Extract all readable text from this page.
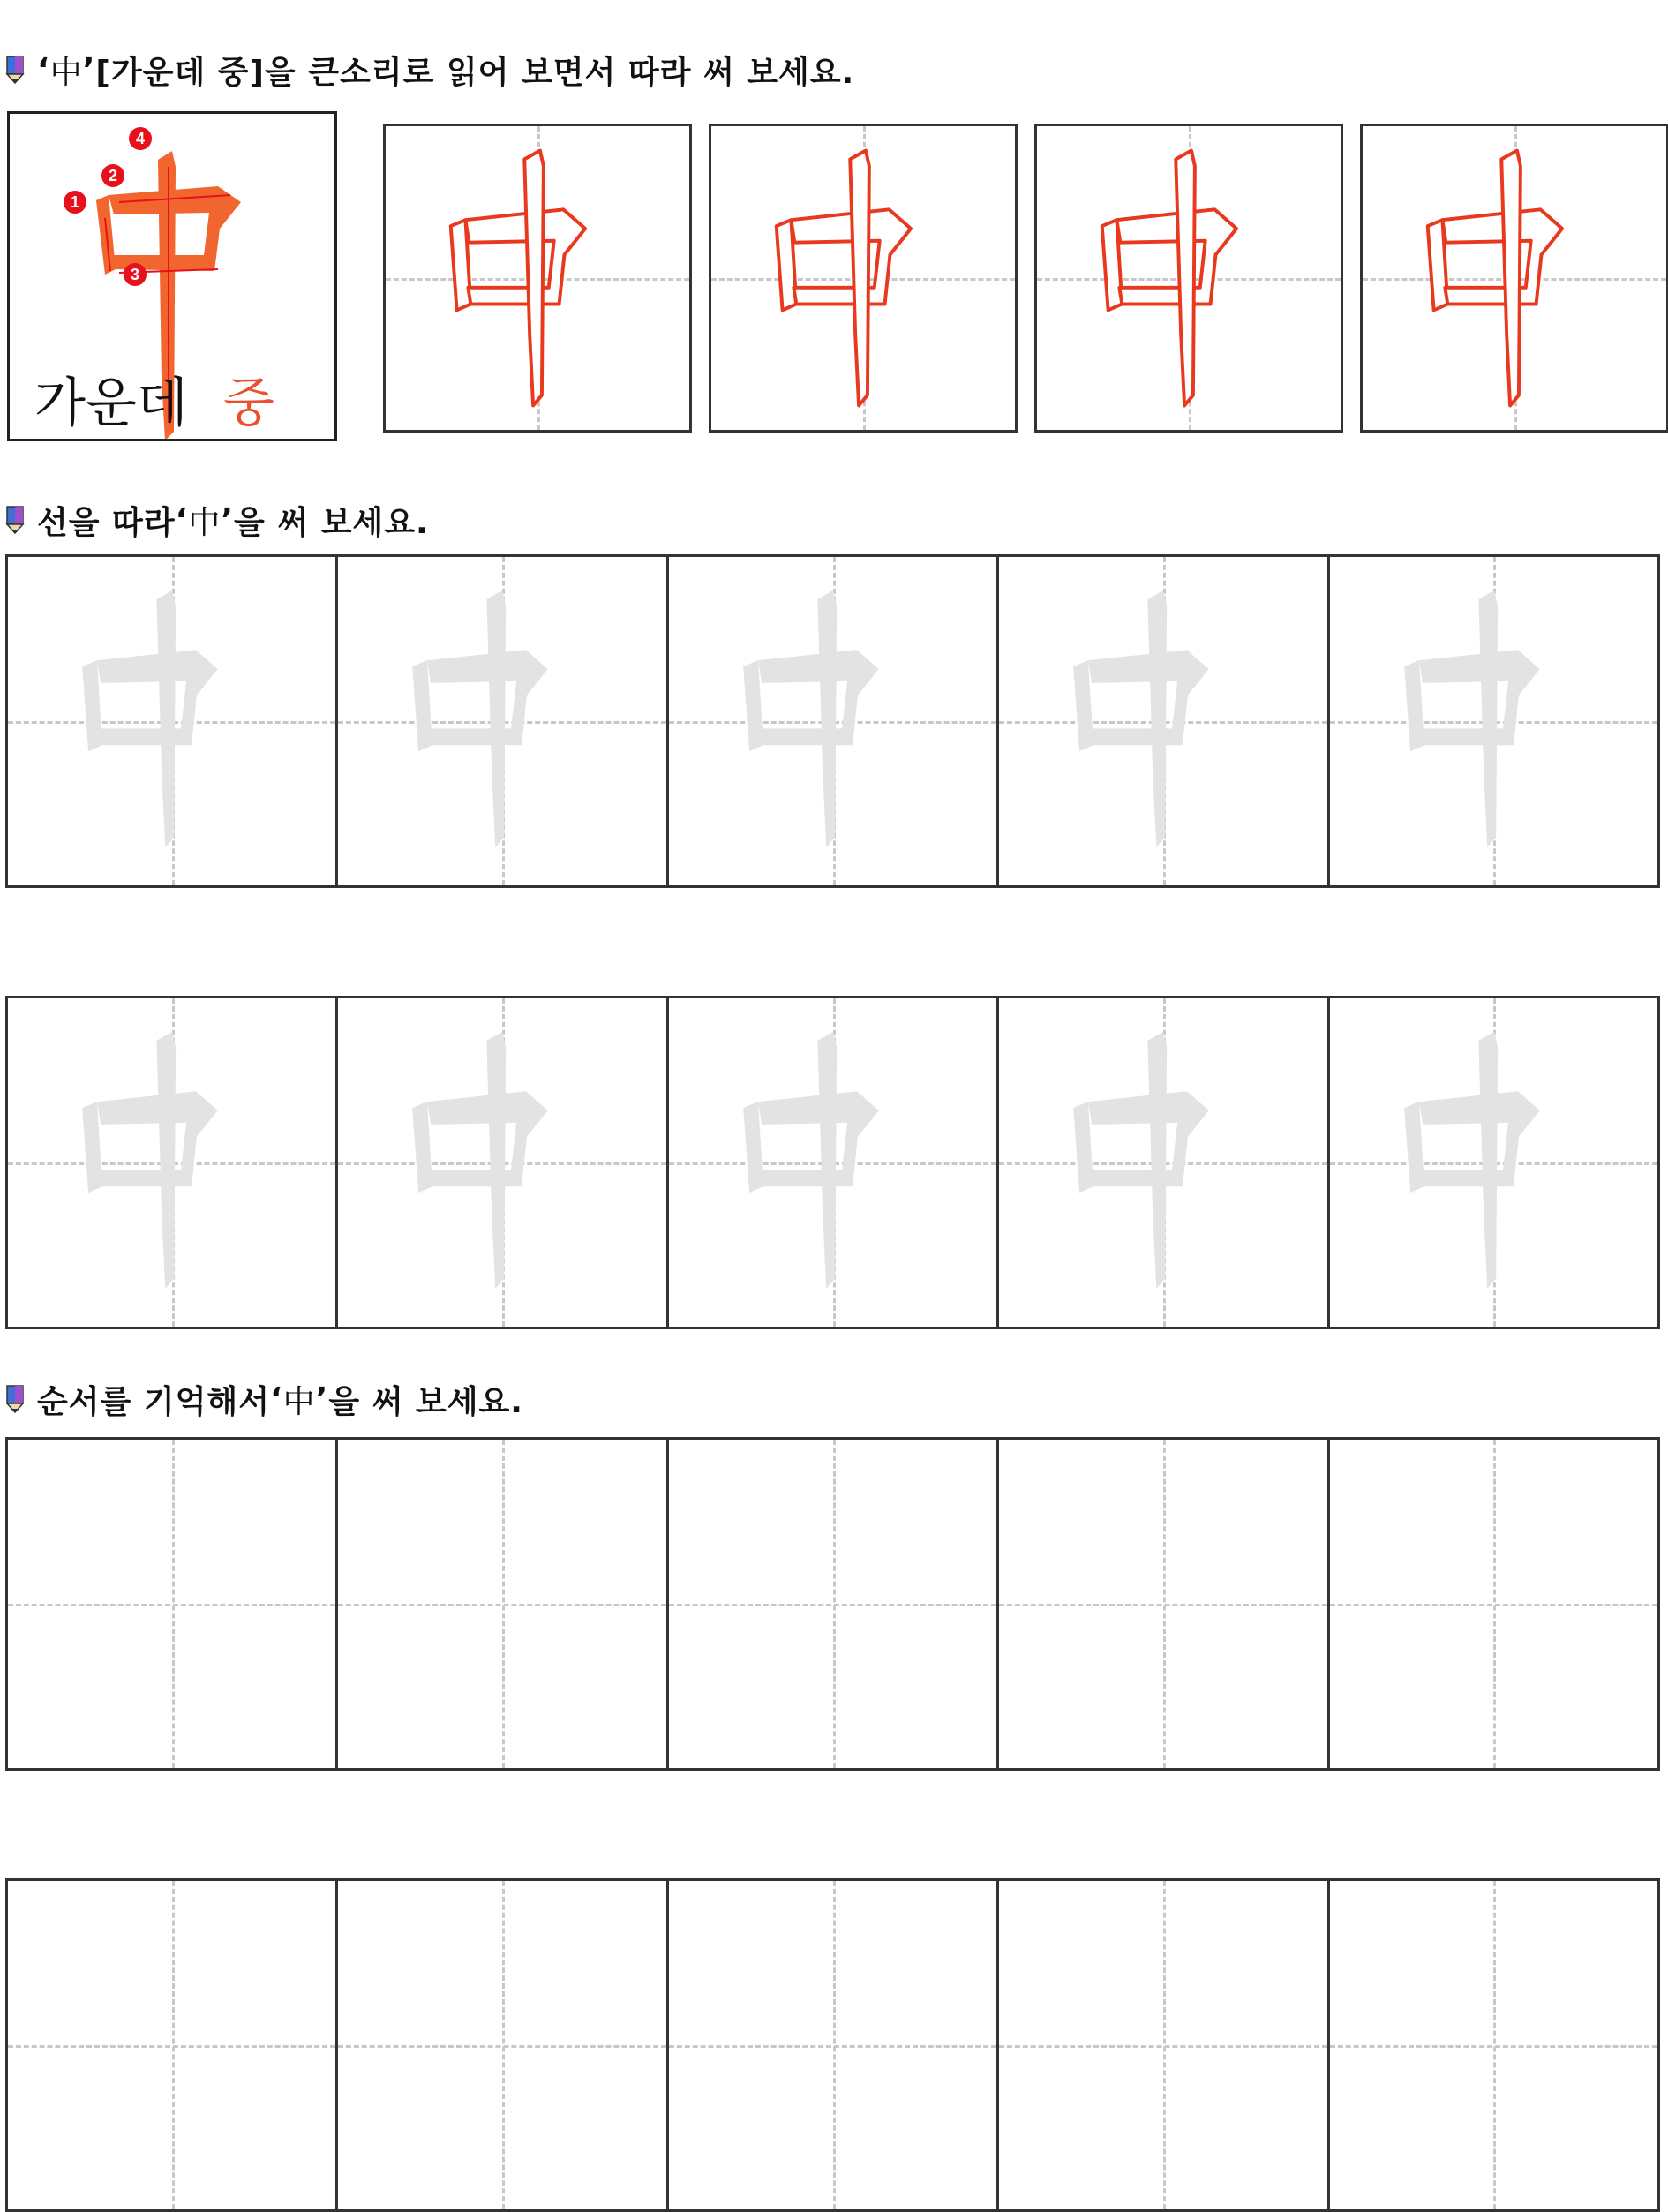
‘ 中 ’ [가운데 중]을 큰소리로 읽어 보면서 따라 써 보세요.
1
2
3
4
가운데 중
선을 따라 ‘ 中 ’ 을 써 보세요.
순서를 기억해서 ‘ 中 ’ 을 써 보세요.
